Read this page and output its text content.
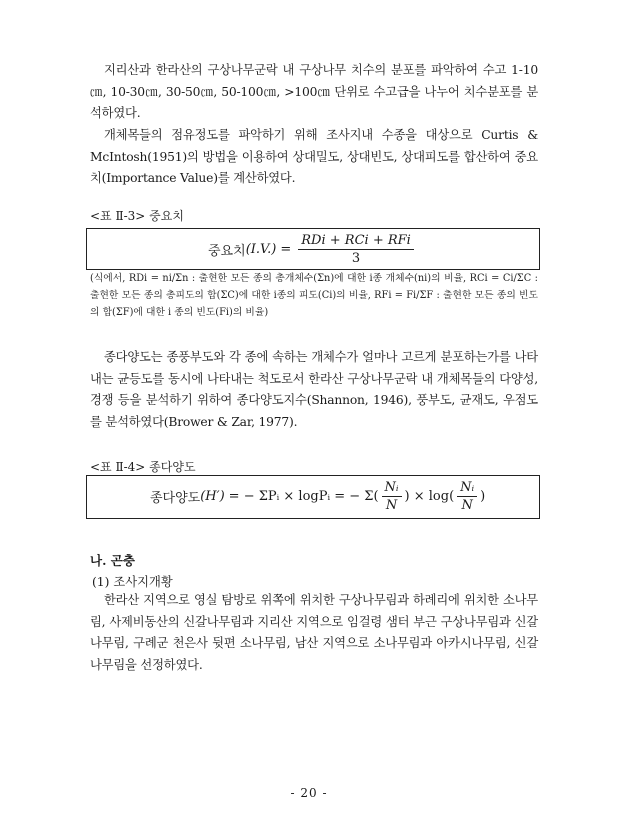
지리산과 한라산의 구상나무군락 내 구상나무 치수의 분포를 파악하여 수고 1-10㎝, 10-30㎝, 30-50㎝, 50-100㎝, >100㎝ 단위로 수고급을 나누어 치수분포를 분석하였다.

개체목들의 점유정도를 파악하기 위해 조사지내 수종을 대상으로 Curtis & McIntosh(1951)의 방법을 이용하여 상대밀도, 상대빈도, 상대피도를 합산하여 중요치(Importance Value)를 계산하였다.

<표 Ⅱ-3> 중요치

중요치 $(I.V.) = \frac{\text{RDi + RCi + RFi}}{3}$

(식에서, RDi = ni/Σn : 출현한 모든 종의 총개체수(Σn)에 대한 i종 개체수(ni)의 비율, RCi = Ci/ΣC : 출현한 모든 종의 총피도의 합(ΣC)에 대한 i종의 피도(Ci)의 비율, RFi = Fi/ΣF : 출현한 모든 종의 빈도의 합(ΣF)에 대한 i 종의 빈도(Fi)의 비율)

종다양도는 종풍부도와 각 종에 속하는 개체수가 얼마나 고르게 분포하는가를 나타내는 균등도를 동시에 나타내는 척도로서 한라산 구상나무군락 내 개체목들의 다양성, 경쟁 등을 분석하기 위하여 종다양도지수(Shannon, 1946), 풍부도, 균재도, 우점도를 분석하였다(Brower & Zar, 1977).

<표 Ⅱ-4> 종다양도

종다양도 (H′) = − ΣPᵢ × logPᵢ = − $\Sigma( \frac{\text{Nᵢ}}{N}$ ) × $\log( \frac{\text{Nᵢ}}{N}$ )

나. 곤충

(1) 조사지개황

한라산 지역으로 영실 탐방로 위쪽에 위치한 구상나무림과 하례리에 위치한 소나무림, 사제비동산의 신갈나무림과 지리산 지역으로 임걸령 샘터 부근 구상나무림과 신갈나무림, 구례군 천은사 뒷편 소나무림, 남산 지역으로 소나무림과 아카시나무림, 신갈나무림을 선정하였다.

- 20 -
